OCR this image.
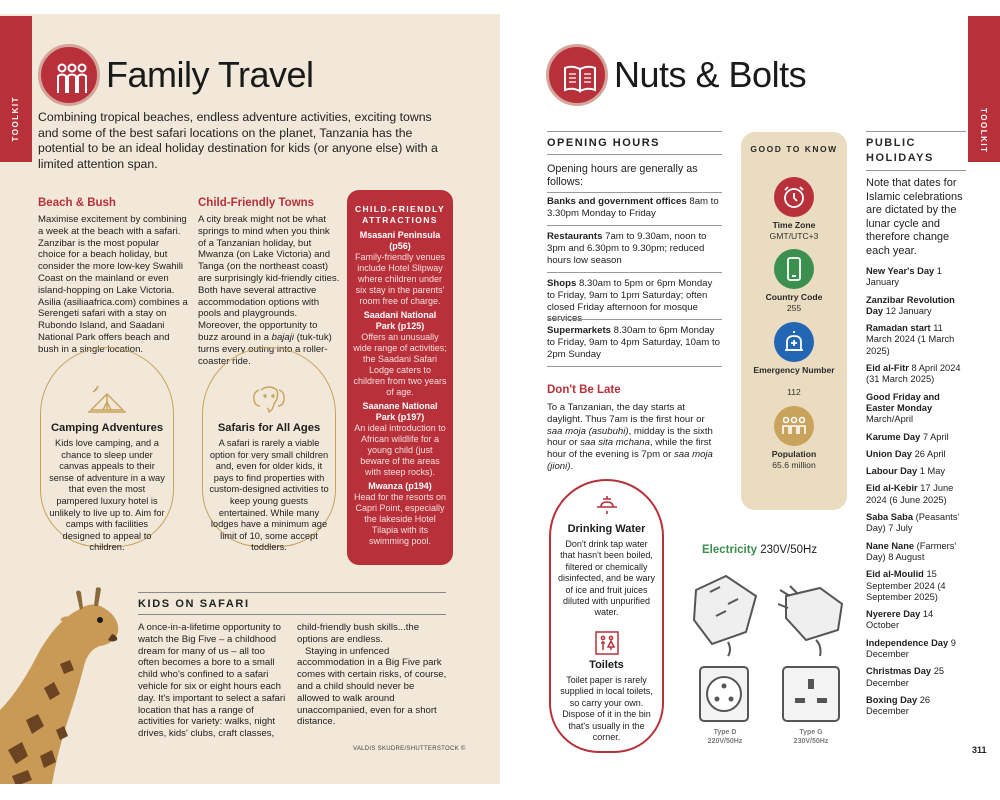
TOOLKIT
Family Travel
Combining tropical beaches, endless adventure activities, exciting towns and some of the best safari locations on the planet, Tanzania has the potential to be an ideal holiday destination for kids (or anyone else) with a limited attention span.
Beach & Bush
Maximise excitement by combining a week at the beach with a safari. Zanzibar is the most popular choice for a beach holiday, but consider the more low-key Swahili Coast on the mainland or even island-hopping on Lake Victoria. Asilia (asiliaafrica.com) combines a Serengeti safari with a stay on Rubondo Island, and Saadani National Park offers beach and bush in a single location.
Child-Friendly Towns
A city break might not be what springs to mind when you think of a Tanzanian holiday, but Mwanza (on Lake Victoria) and Tanga (on the northeast coast) are surprisingly kid-friendly cities. Both have several attractive accommodation options with pools and playgrounds. Moreover, the opportunity to buzz around in a bajaji (tuk-tuk) turns every outing into a roller-coaster ride.
CHILD-FRIENDLY ATTRACTIONS
Msasani Peninsula (p56)
Family-friendly venues include Hotel Slipway where children under six stay in the parents' room free of charge.
Saadani National Park (p125)
Offers an unusually wide range of activities; the Saadani Safari Lodge caters to children from two years of age.
Saanane National Park (p197)
An ideal introduction to African wildlife for a young child (just beware of the areas with steep rocks).
Mwanza (p194)
Head for the resorts on Capri Point, especially the lakeside Hotel Tilapia with its swimming pool.
Camping Adventures
Kids love camping, and a chance to sleep under canvas appeals to their sense of adventure in a way that even the most pampered luxury hotel is unlikely to live up to. Aim for camps with facilities designed to appeal to children.
Safaris for All Ages
A safari is rarely a viable option for very small children and, even for older kids, it pays to find properties with custom-designed activities to keep young guests entertained. While many lodges have a minimum age limit of 10, some accept toddlers.
KIDS ON SAFARI
A once-in-a-lifetime opportunity to watch the Big Five – a childhood dream for many of us – all too often becomes a bore to a small child who's confined to a safari vehicle for six or eight hours each day. It's important to select a safari location that has a range of activities for variety: walks, night drives, kids' clubs, craft classes,
child-friendly bush skills...the options are endless.
Staying in unfenced accommodation in a Big Five park comes with certain risks, of course, and a child should never be allowed to walk around unaccompanied, even for a short distance.
VALDIS SKUDRE/SHUTTERSTOCK ©
TOOLKIT
Nuts & Bolts
OPENING HOURS
Opening hours are generally as follows:
Banks and government offices 8am to 3.30pm Monday to Friday
Restaurants 7am to 9.30am, noon to 3pm and 6.30pm to 9.30pm; reduced hours low season
Shops 8.30am to 5pm or 6pm Monday to Friday, 9am to 1pm Saturday; often closed Friday afternoon for mosque services
Supermarkets 8.30am to 6pm Monday to Friday, 9am to 4pm Saturday, 10am to 2pm Sunday
Don't Be Late
To a Tanzanian, the day starts at daylight. Thus 7am is the first hour or saa moja (asubuhi), midday is the sixth hour or saa sita mchana, while the first hour of the evening is 7pm or saa moja (jioni).
GOOD TO KNOW
Time Zone
GMT/UTC+3
Country Code
255
Emergency Number
112
Population
65.6 million
Drinking Water
Don't drink tap water that hasn't been boiled, filtered or chemically disinfected, and be wary of ice and fruit juices diluted with unpurified water.
Toilets
Toilet paper is rarely supplied in local toilets, so carry your own. Dispose of it in the bin that's usually in the corner.
Electricity 230V/50Hz
Type D
220V/50Hz
Type G
230V/50Hz
PUBLIC
HOLIDAYS
Note that dates for Islamic celebrations are dictated by the lunar cycle and therefore change each year.
New Year's Day 1 January
Zanzibar Revolution Day 12 January
Ramadan start 11 March 2024 (1 March 2025)
Eid al-Fitr 8 April 2024 (31 March 2025)
Good Friday and Easter Monday March/April
Karume Day 7 April
Union Day 26 April
Labour Day 1 May
Eid al-Kebir 17 June 2024 (6 June 2025)
Saba Saba (Peasants' Day) 7 July
Nane Nane (Farmers' Day) 8 August
Eid al-Moulid 15 September 2024 (4 September 2025)
Nyerere Day 14 October
Independence Day 9 December
Christmas Day 25 December
Boxing Day 26 December
311
